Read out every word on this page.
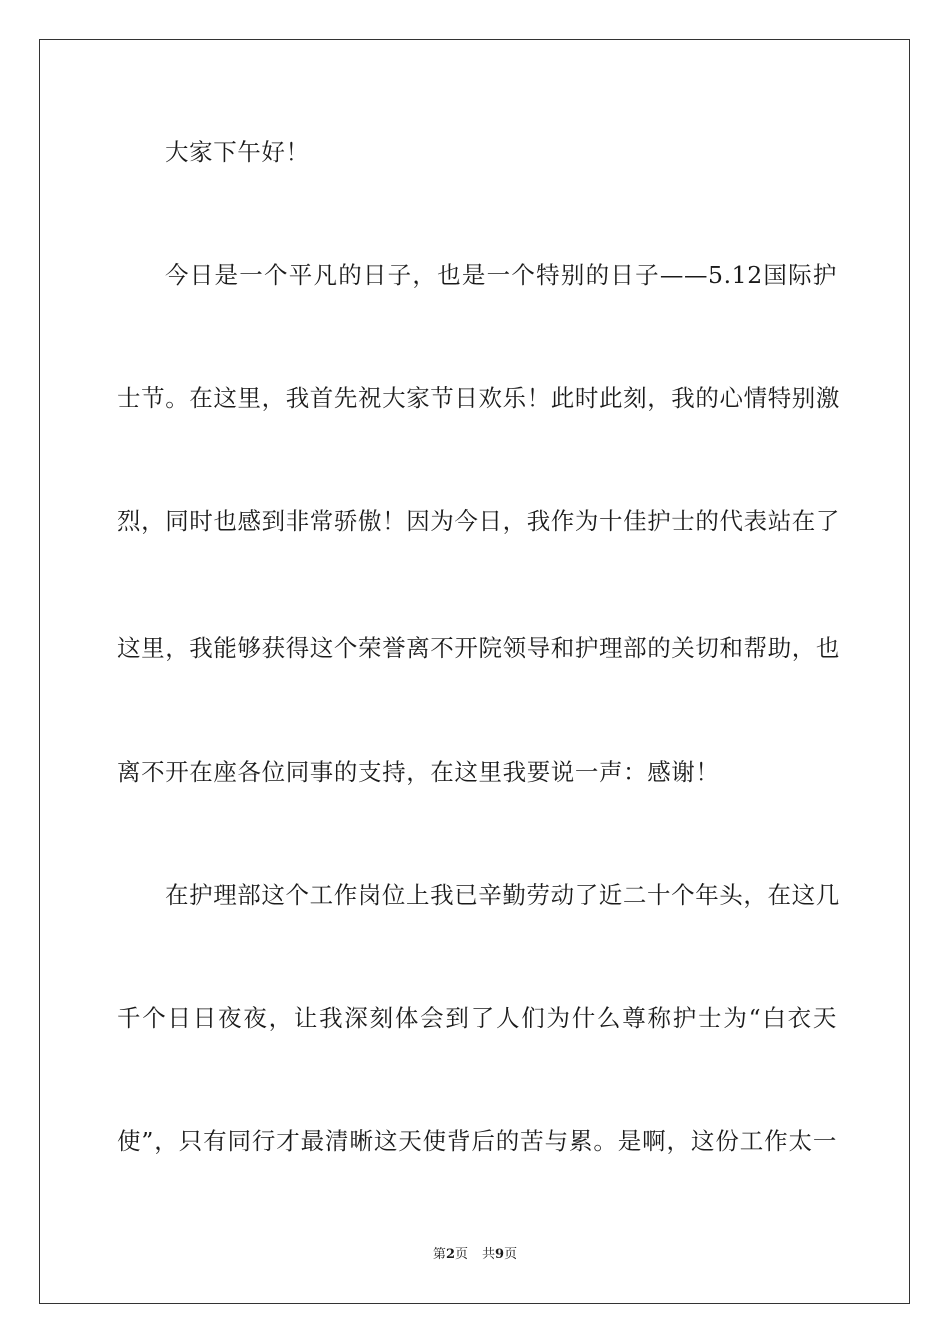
大家下午好！
今日是一个平凡的日子，也是一个特别的日子——5.12国际护
士节。在这里，我首先祝大家节日欢乐！此时此刻，我的心情特别激
烈，同时也感到非常骄傲！因为今日，我作为十佳护士的代表站在了
这里，我能够获得这个荣誉离不开院领导和护理部的关切和帮助，也
离不开在座各位同事的支持，在这里我要说一声：感谢！
在护理部这个工作岗位上我已辛勤劳动了近二十个年头，在这几
千个日日夜夜，让我深刻体会到了人们为什么尊称护士为“白衣天
使”，只有同行才最清晰这天使背后的苦与累。是啊，这份工作太一
第2页 共9页
